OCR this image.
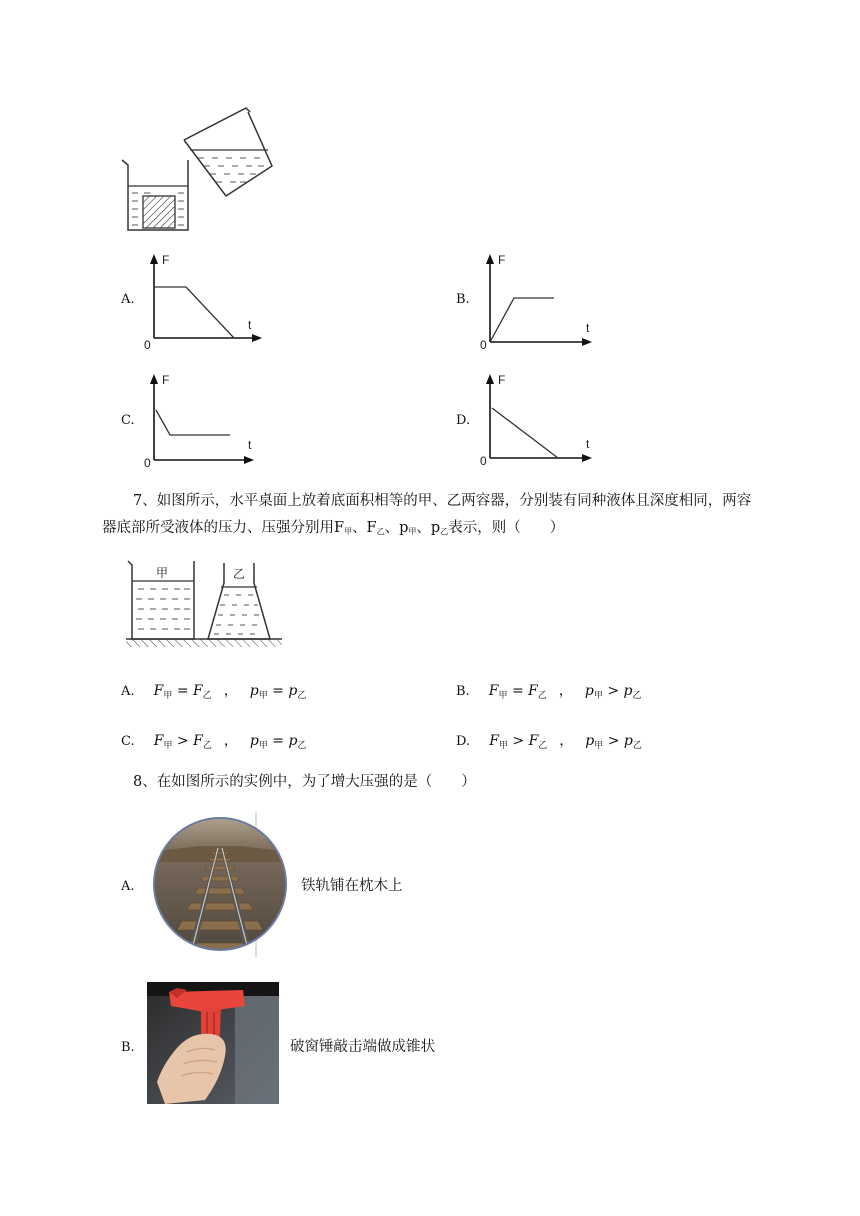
A.
F
t
0
B.
F
t
0
C.
F
t
0
D.
F
t
0
7、如图所示，水平桌面上放着底面积相等的甲、乙两容器，分别装有同种液体且深度相同，两容
器底部所受液体的压力、压强分别用F甲、F乙、p甲、p乙表示，则（　　）
甲	乙
A. $F_甲 = F_乙$ ， $p_甲 = p_乙$	B. $F_甲 = F_乙$ ， $p_甲 > p_乙$
C. $F_甲 > F_乙$ ， $p_甲 = p_乙$	D. $F_甲 > F_乙$ ， $p_甲 > p_乙$
8、在如图所示的实例中，为了增大压强的是（　　）
A.	铁轨铺在枕木上
B.	破窗锤敲击端做成锥状
